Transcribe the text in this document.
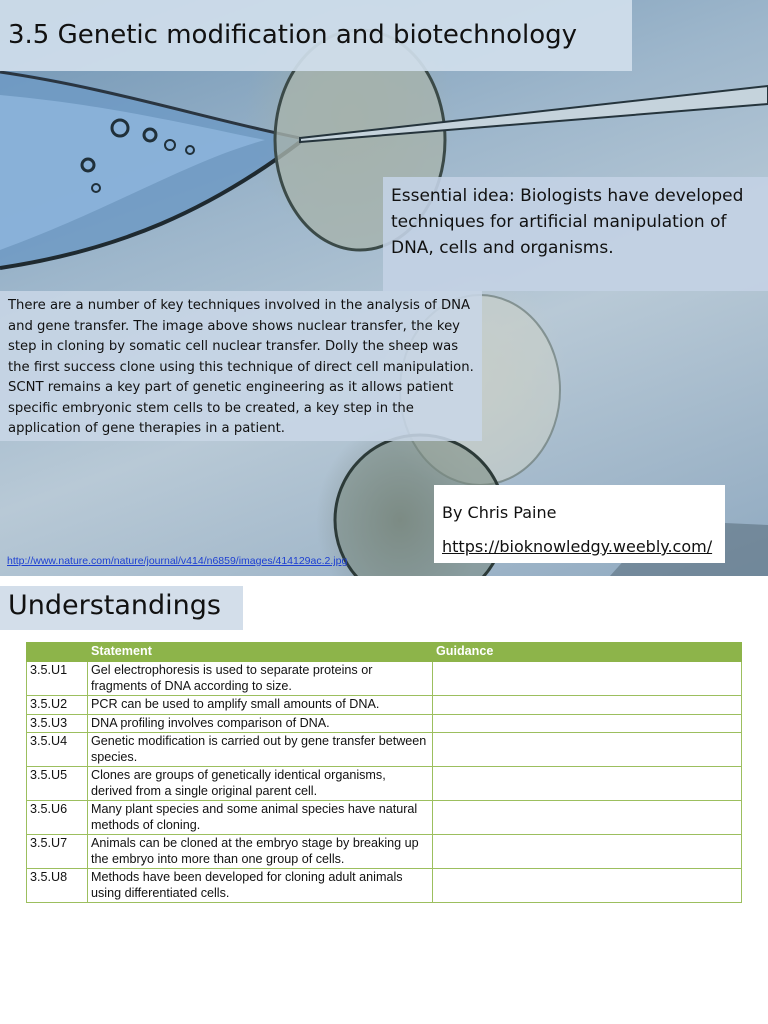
3.5 Genetic modification and biotechnology

Essential idea: Biologists have developed techniques for artificial manipulation of DNA, cells and organisms.

There are a number of key techniques involved in the analysis of DNA and gene transfer. The image above shows nuclear transfer, the key step in cloning by somatic cell nuclear transfer. Dolly the sheep was the first success clone using this technique of direct cell manipulation. SCNT remains a key part of genetic engineering as it allows patient specific embryonic stem cells to be created, a key step in the application of gene therapies in a patient.

By Chris Paine

https://bioknowledgy.weebly.com/
http://www.nature.com/nature/journal/v414/n6859/images/414129ac.2.jpg
Understandings
	Statement	Guidance
3.5.U1	Gel electrophoresis is used to separate proteins or fragments of DNA according to size.	
3.5.U2	PCR can be used to amplify small amounts of DNA.	
3.5.U3	DNA profiling involves comparison of DNA.	
3.5.U4	Genetic modification is carried out by gene transfer between species.	
3.5.U5	Clones are groups of genetically identical organisms, derived from a single original parent cell.	
3.5.U6	Many plant species and some animal species have natural methods of cloning.	
3.5.U7	Animals can be cloned at the embryo stage by breaking up the embryo into more than one group of cells.	
3.5.U8	Methods have been developed for cloning adult animals using differentiated cells.	
